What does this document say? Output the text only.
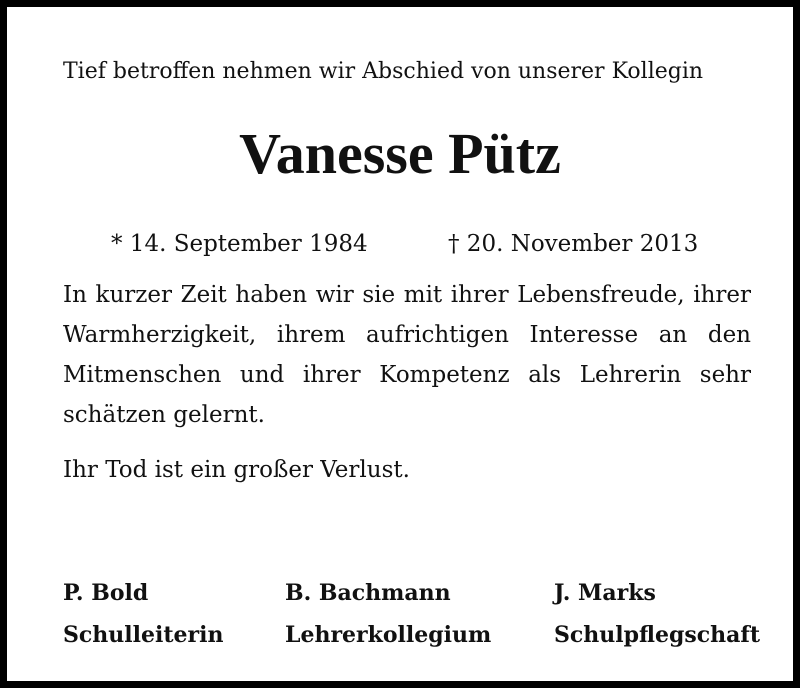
Tief betroffen nehmen wir Abschied von unserer Kollegin
Vanesse Pütz
* 14. September 1984	† 20. November 2013
In kurzer Zeit haben wir sie mit ihrer Lebensfreude, ihrer Warmherzigkeit, ihrem aufrichtigen Interesse an den Mitmenschen und ihrer Kompetenz als Lehrerin sehr schätzen gelernt.
Ihr Tod ist ein großer Verlust.
P. Bold
Schulleiterin
B. Bachmann
Lehrerkollegium
J. Marks
Schulpflegschaft
